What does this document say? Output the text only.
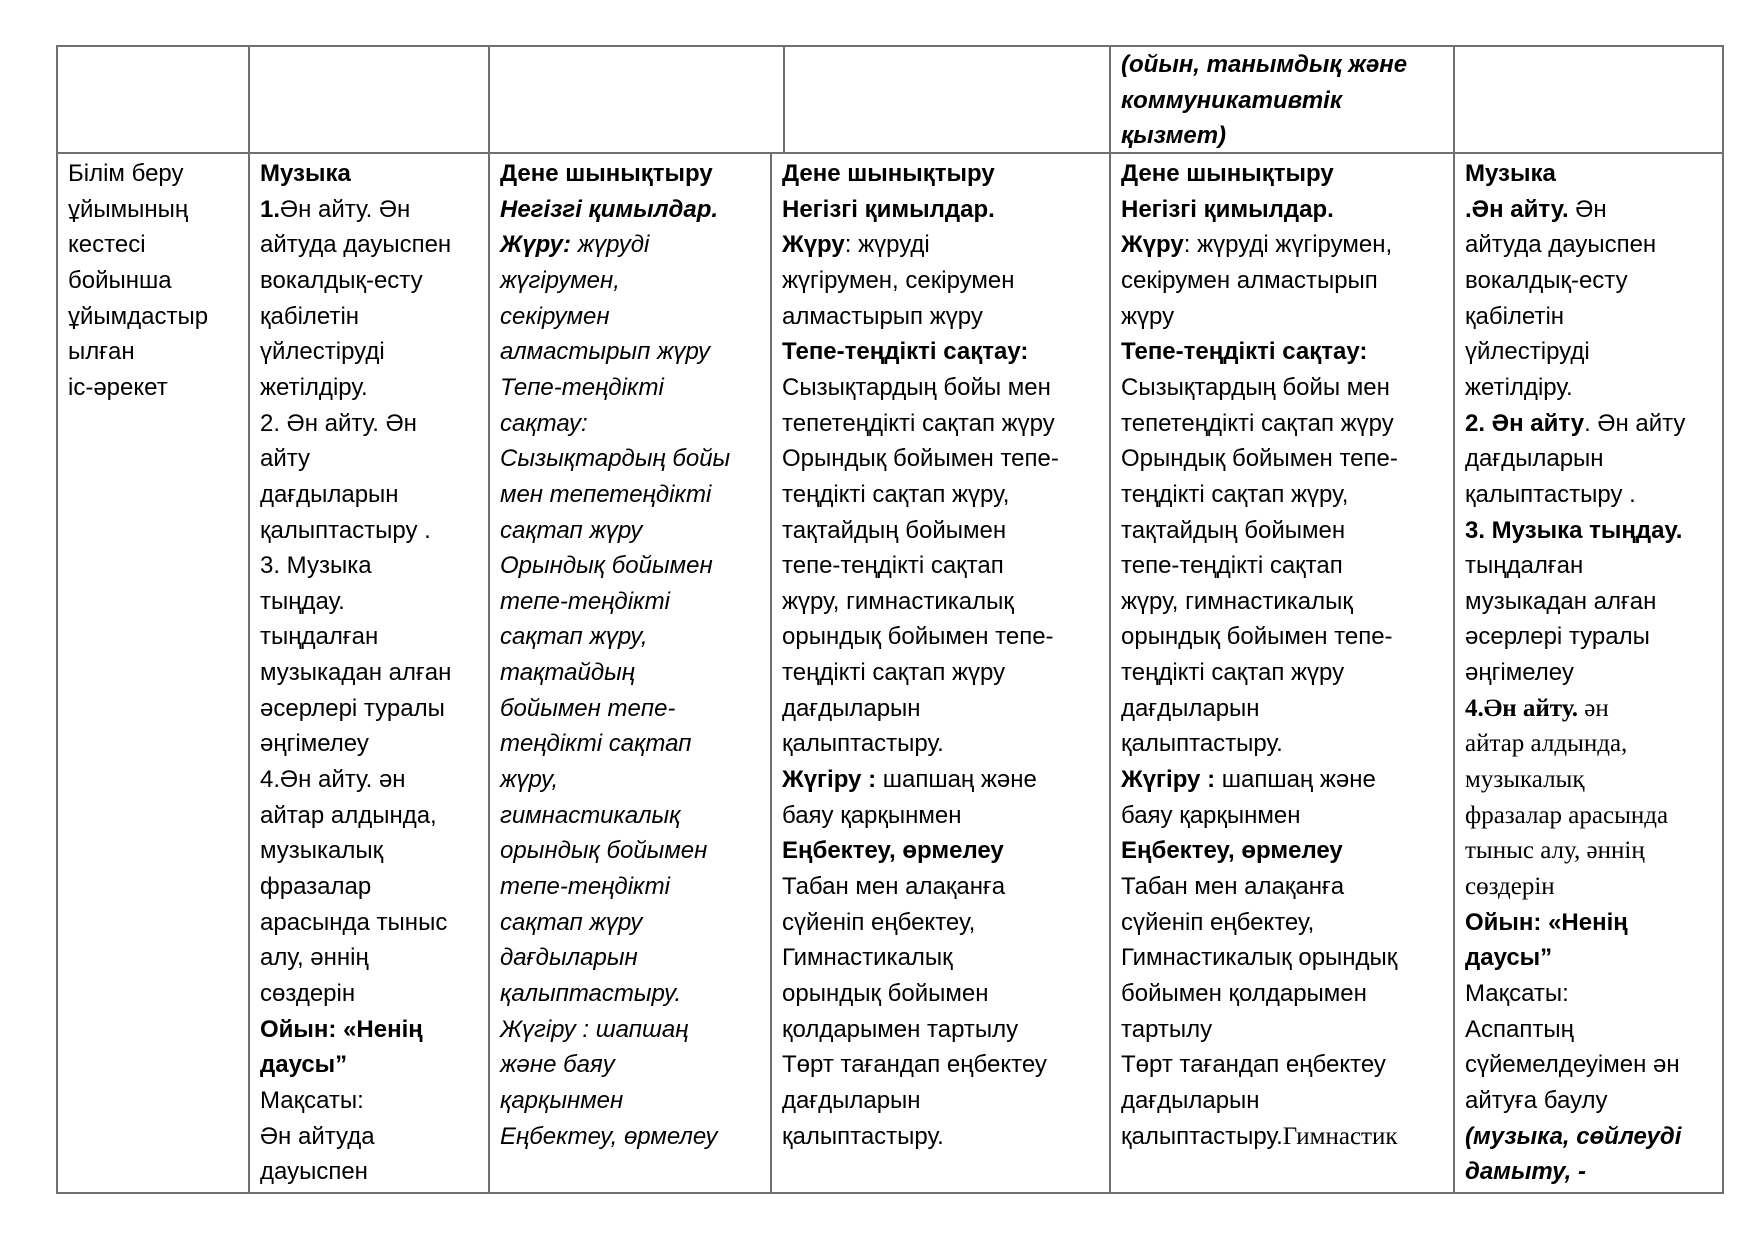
(ойын, танымдық және
коммуникативтік
қызмет)
Білім беру
ұйымының
кестесі
бойынша
ұйымдастыр
ылған
іс-әрекет
Музыка
1.Ән айту. Ән
айтуда дауыспен
вокалдық-есту
қабілетін
үйлестіруді
жетілдіру.
2. Ән айту. Ән
айту
дағдыларын
қалыптастыру .
3. Музыка
тыңдау.
тыңдалған
музыкадан алған
әсерлері туралы
әңгімелеу
4.Ән айту. ән
айтар алдында,
музыкалық
фразалар
арасында тыныс
алу, әннің
сөздерін
Ойын: «Ненің
даусы”
Мақсаты:
Ән айтуда
дауыспен
Дене шынықтыру
Негізгі қимылдар.
Жүру: жүруді
жүгірумен,
секірумен
алмастырып жүру
Тепе-теңдікті
сақтау:
Сызықтардың бойы
мен тепетеңдікті
сақтап жүру
Орындық бойымен
тепе-теңдікті
сақтап жүру,
тақтайдың
бойымен тепе-
теңдікті сақтап
жүру,
гимнастикалық
орындық бойымен
тепе-теңдікті
сақтап жүру
дағдыларын
қалыптастыру.
Жүгіру : шапшаң
және баяу
қарқынмен
Еңбектеу, өрмелеу
Дене шынықтыру
Негізгі қимылдар.
Жүру: жүруді
жүгірумен, секірумен
алмастырып жүру
Тепе-теңдікті сақтау:
Сызықтардың бойы мен
тепетеңдікті сақтап жүру
Орындық бойымен тепе-
теңдікті сақтап жүру,
тақтайдың бойымен
тепе-теңдікті сақтап
жүру, гимнастикалық
орындық бойымен тепе-
теңдікті сақтап жүру
дағдыларын
қалыптастыру.
Жүгіру : шапшаң және
баяу қарқынмен
Еңбектеу, өрмелеу
Табан мен алақанға
сүйеніп еңбектеу,
Гимнастикалық
орындық бойымен
қолдарымен тартылу
Төрт тағандап еңбектеу
дағдыларын
қалыптастыру.
Дене шынықтыру
Негізгі қимылдар.
Жүру: жүруді жүгірумен,
секірумен алмастырып
жүру
Тепе-теңдікті сақтау:
Сызықтардың бойы мен
тепетеңдікті сақтап жүру
Орындық бойымен тепе-
теңдікті сақтап жүру,
тақтайдың бойымен
тепе-теңдікті сақтап
жүру, гимнастикалық
орындық бойымен тепе-
теңдікті сақтап жүру
дағдыларын
қалыптастыру.
Жүгіру : шапшаң және
баяу қарқынмен
Еңбектеу, өрмелеу
Табан мен алақанға
сүйеніп еңбектеу,
Гимнастикалық орындық
бойымен қолдарымен
тартылу
Төрт тағандап еңбектеу
дағдыларын
қалыптастыру.Гимнастик
Музыка
.Ән айту. Ән
айтуда дауыспен
вокалдық-есту
қабілетін
үйлестіруді
жетілдіру.
2. Ән айту. Ән айту
дағдыларын
қалыптастыру .
3. Музыка тыңдау.
тыңдалған
музыкадан алған
әсерлері туралы
әңгімелеу
4.Ән айту. ән
айтар алдында,
музыкалық
фразалар арасында
тыныс алу, әннің
сөздерін
Ойын: «Ненің
даусы”
Мақсаты:
Аспаптың
сүйемелдеуімен ән
айтуға баулу
(музыка, сөйлеуді
дамыту, -
